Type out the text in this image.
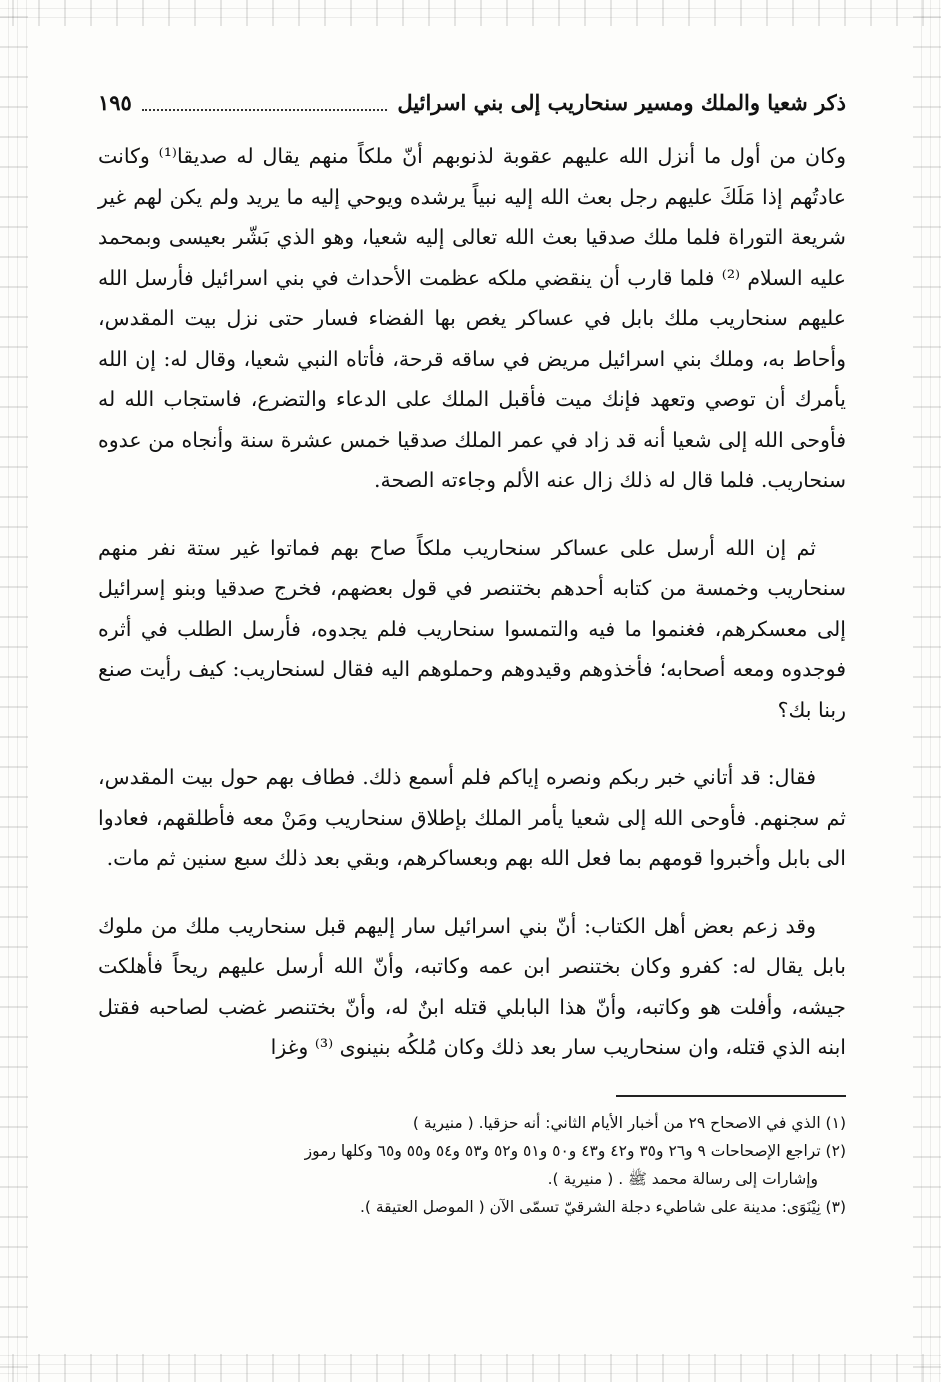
ذكر شعيا والملك ومسير سنحاريب إلى بني اسرائيل
١٩٥

وكان من أول ما أنزل الله عليهم عقوبة لذنوبهم أنّ ملكاً منهم يقال له صديقا⁽¹⁾ وكانت عادتُهم إذا مَلَكَ عليهم رجل بعث الله إليه نبياً يرشده ويوحي إليه ما يريد ولم يكن لهم غير شريعة التوراة فلما ملك صدقيا بعث الله تعالى إليه شعيا، وهو الذي بَشّر بعيسى وبمحمد عليه السلام ⁽²⁾ فلما قارب أن ينقضي ملكه عظمت الأحداث في بني اسرائيل فأرسل الله عليهم سنحاريب ملك بابل في عساكر يغص بها الفضاء فسار حتى نزل بيت المقدس، وأحاط به، وملك بني اسرائيل مريض في ساقه قرحة، فأتاه النبي شعيا، وقال له: إن الله يأمرك أن توصي وتعهد فإنك ميت فأقبل الملك على الدعاء والتضرع، فاستجاب الله له فأوحى الله إلى شعيا أنه قد زاد في عمر الملك صدقيا خمس عشرة سنة وأنجاه من عدوه سنحاريب. فلما قال له ذلك زال عنه الألم وجاءته الصحة.

ثم إن الله أرسل على عساكر سنحاريب ملكاً صاح بهم فماتوا غير ستة نفر منهم سنحاريب وخمسة من كتابه أحدهم بختنصر في قول بعضهم، فخرج صدقيا وبنو إسرائيل إلى معسكرهم، فغنموا ما فيه والتمسوا سنحاريب فلم يجدوه، فأرسل الطلب في أثره فوجدوه ومعه أصحابه؛ فأخذوهم وقيدوهم وحملوهم اليه فقال لسنحاريب: كيف رأيت صنع ربنا بك؟

فقال: قد أتاني خبر ربكم ونصره إياكم فلم أسمع ذلك. فطاف بهم حول بيت المقدس، ثم سجنهم. فأوحى الله إلى شعيا يأمر الملك بإطلاق سنحاريب ومَنْ معه فأطلقهم، فعادوا الى بابل وأخبروا قومهم بما فعل الله بهم وبعساكرهم، وبقي بعد ذلك سبع سنين ثم مات.

وقد زعم بعض أهل الكتاب: أنّ بني اسرائيل سار إليهم قبل سنحاريب ملك من ملوك بابل يقال له: كفرو وكان بختنصر ابن عمه وكاتبه، وأنّ الله أرسل عليهم ريحاً فأهلكت جيشه، وأفلت هو وكاتبه، وأنّ هذا البابلي قتله ابنٌ له، وأنّ بختنصر غضب لصاحبه فقتل ابنه الذي قتله، وان سنحاريب سار بعد ذلك وكان مُلكُه بنينوى ⁽³⁾ وغزا

(١) الذي في الاصحاح ٢٩ من أخبار الأيام الثاني: أنه حزقيا. ( منيرية )
(٢) تراجع الإصحاحات ٩ و٢٦ و٣٥ و٤٢ و٤٣ و٥٠ و٥١ و٥٢ و٥٣ و٥٤ و٥٥ و٦٥ وكلها رموز
وإشارات إلى رسالة محمد ﷺ . ( منيرية ).
(٣) نِيْنَوَى: مدينة على شاطيء دجلة الشرقيّ تسمّى الآن ( الموصل العتيقة ).
